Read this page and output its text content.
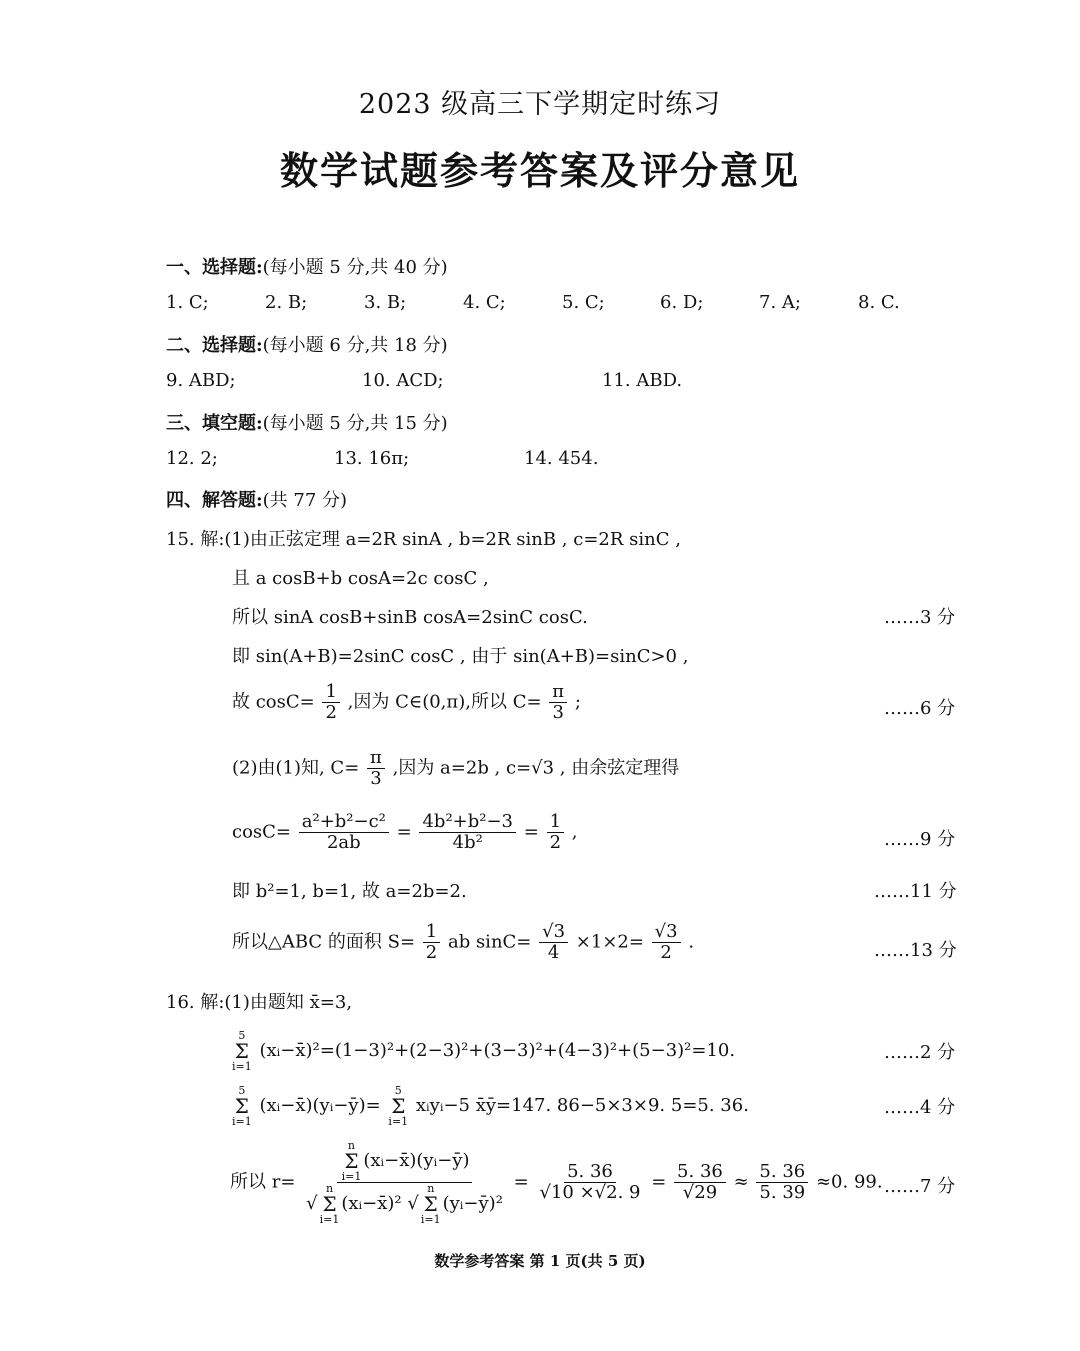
2023 级高三下学期定时练习
数学试题参考答案及评分意见
一、选择题:(每小题 5 分,共 40 分)
1. C;	2. B;	3. B;	4. C;	5. C;	6. D;	7. A;	8. C.
二、选择题:(每小题 6 分,共 18 分)
9. ABD;	10. ACD;	11. ABD.
三、填空题:(每小题 5 分,共 15 分)
12. 2;	13. 16π;	14. 454.
四、解答题:(共 77 分)
15. 解:(1)由正弦定理 a=2R sinA , b=2R sinB , c=2R sinC ,
且 a cosB+b cosA=2c cosC ,
所以 sinA cosB+sinB cosA=2sinC cosC.	……3 分
即 sin(A+B)=2sinC cosC , 由于 sin(A+B)=sinC>0 ,
故 $\cos C= \frac{1}{2}$ ,因为 C∈(0,π),所以 $C= \frac{\pi}{3}$ ;	……6 分
(2)由(1)知, $C= \frac{\pi}{3}$ ,因为 a=2b , c=√3 , 由余弦定理得
$\cos C= \frac{\text{a²+b²−c²}}{2ab} = \frac{\text{4b²+b²−3}}{\text{4b²}} = \frac{1}{2}$ ,	……9 分
即 b²=1, b=1, 故 a=2b=2.	……11 分
所以△ABC 的面积 $S= \frac{1}{2}$ ab $\sin C= \frac{√3}{4} \times 1\times 2= \frac{√3}{2}$ .	……13 分
16. 解:(1)由题知 x̄=3,
5
Σ
i=1
(xᵢ−x̄)²=(1−3)²+(2−3)²+(3−3)²+(4−3)²+(5−3)²=10.	……2 分
5
Σ
i=1
(xᵢ−x̄)(yᵢ−ȳ)=
5
Σ
i=1
xᵢyᵢ−5 x̄ȳ=147. 86−5×3×9. 5=5. 36.	……4 分
所以 r= n
Σ
i=1
(xᵢ−x̄)(yᵢ−ȳ)
√
n
Σ
i=1
(xᵢ−x̄)² √
n
Σ
i=1
(yᵢ−ȳ)² = $\frac{5. 36}{√10 \times√2. 9} = \frac{5. 36}{√29} \approx \frac{5. 36}{5. 39} \approx 0$. 99. ……7 分
数学参考答案 第 1 页(共 5 页)
